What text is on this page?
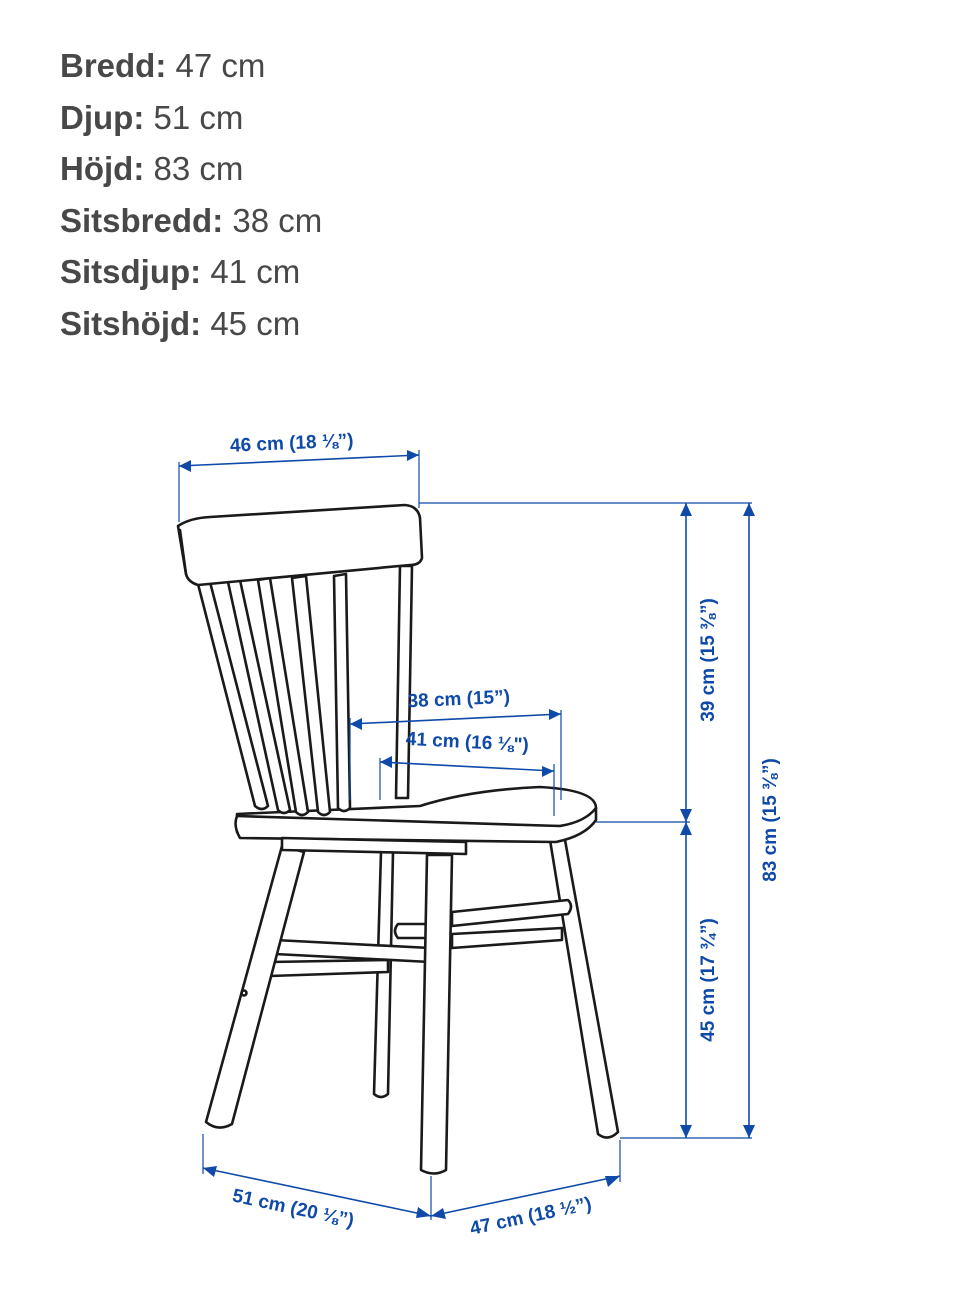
Bredd: 47 cm
Djup: 51 cm
Höjd: 83 cm
Sitsbredd: 38 cm
Sitsdjup: 41 cm
Sitshöjd: 45 cm
46 cm (18 ⅛”)
38 cm (15”)
41 cm (16 ⅛")
39 cm (15 ⅜”)
45 cm (17 ¾”)
83 cm (15 ⅜”)
51 cm (20 ⅛”)	47 cm (18 ½”)
